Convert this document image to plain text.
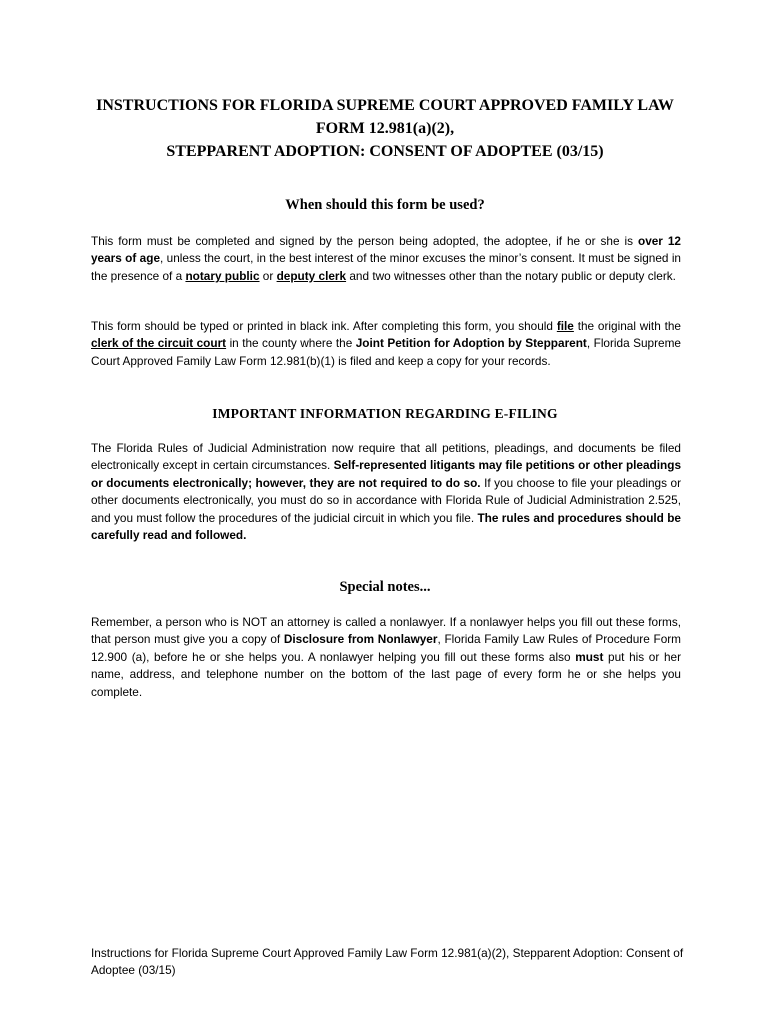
INSTRUCTIONS FOR FLORIDA SUPREME COURT APPROVED FAMILY LAW
FORM 12.981(a)(2),
STEPPARENT ADOPTION: CONSENT OF ADOPTEE (03/15)
When should this form be used?

This form must be completed and signed by the person being adopted, the adoptee, if he or she is over 12 years of age, unless the court, in the best interest of the minor excuses the minor’s consent. It must be signed in the presence of a notary public or deputy clerk and two witnesses other than the notary public or deputy clerk.

This form should be typed or printed in black ink. After completing this form, you should file the original with the clerk of the circuit court in the county where the Joint Petition for Adoption by Stepparent, Florida Supreme Court Approved Family Law Form 12.981(b)(1) is filed and keep a copy for your records.

IMPORTANT INFORMATION REGARDING E-FILING

The Florida Rules of Judicial Administration now require that all petitions, pleadings, and documents be filed electronically except in certain circumstances. Self-represented litigants may file petitions or other pleadings or documents electronically; however, they are not required to do so. If you choose to file your pleadings or other documents electronically, you must do so in accordance with Florida Rule of Judicial Administration 2.525, and you must follow the procedures of the judicial circuit in which you file. The rules and procedures should be carefully read and followed.

Special notes...

Remember, a person who is NOT an attorney is called a nonlawyer. If a nonlawyer helps you fill out these forms, that person must give you a copy of Disclosure from Nonlawyer, Florida Family Law Rules of Procedure Form 12.900 (a), before he or she helps you. A nonlawyer helping you fill out these forms also must put his or her name, address, and telephone number on the bottom of the last page of every form he or she helps you complete.

Instructions for Florida Supreme Court Approved Family Law Form 12.981(a)(2), Stepparent Adoption: Consent of Adoptee (03/15)
